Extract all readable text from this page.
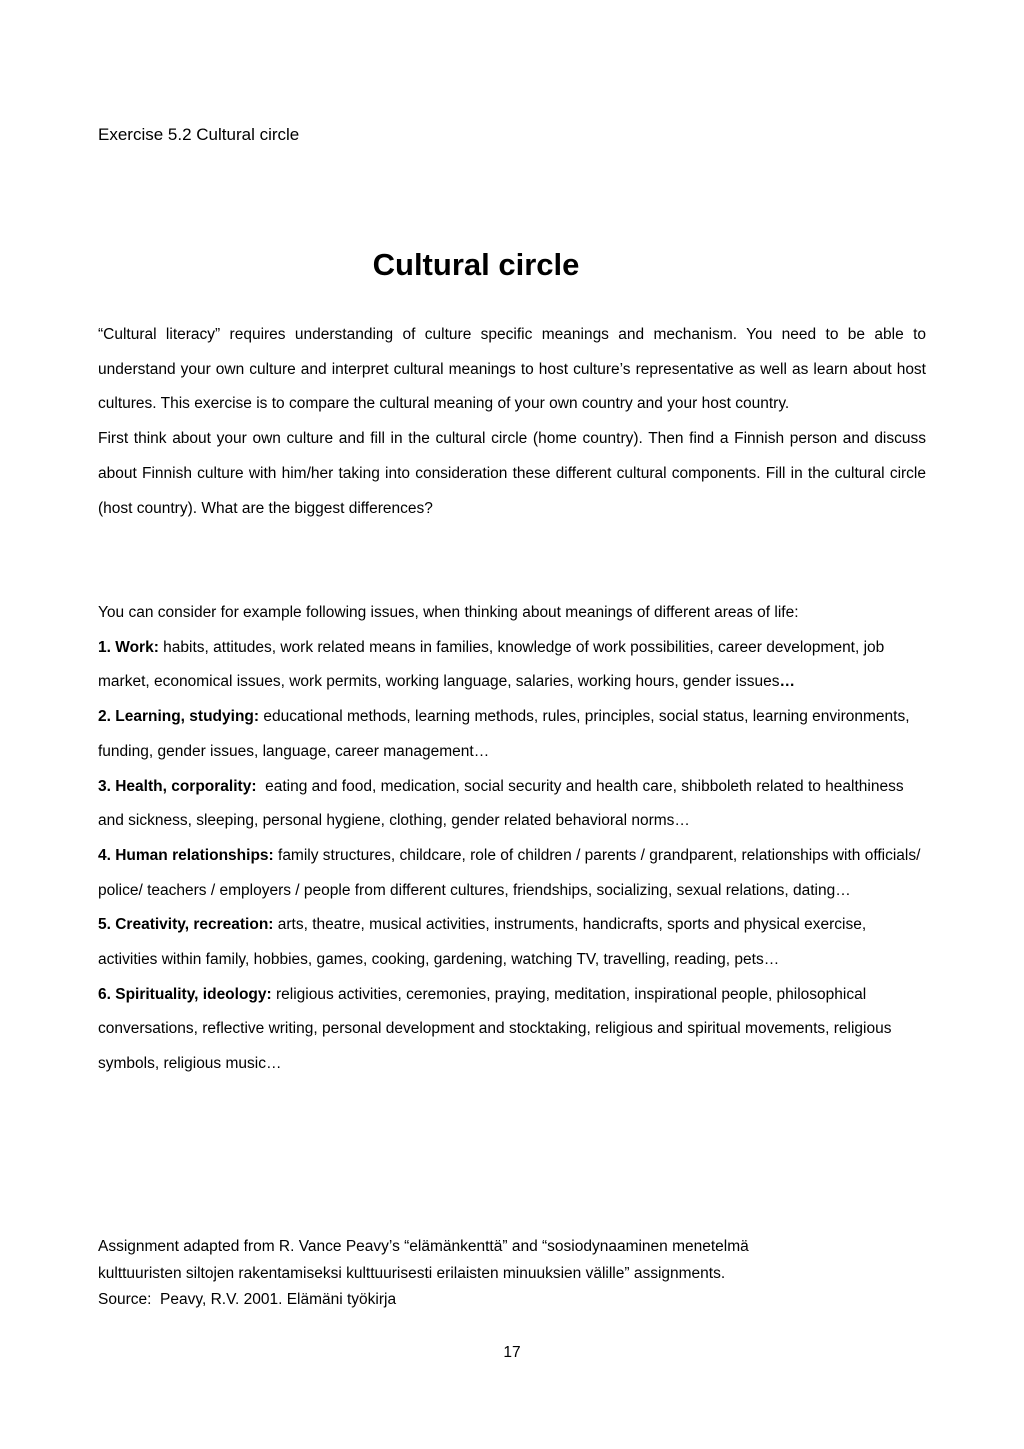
Exercise 5.2 Cultural circle
Cultural circle

“Cultural literacy” requires understanding of culture specific meanings and mechanism. You need to be able to understand your own culture and interpret cultural meanings to host culture’s representative as well as learn about host cultures. This exercise is to compare the cultural meaning of your own country and your host country.

First think about your own culture and fill in the cultural circle (home country). Then find a Finnish person and discuss about Finnish culture with him/her taking into consideration these different cultural components. Fill in the cultural circle (host country). What are the biggest differences?

You can consider for example following issues, when thinking about meanings of different areas of life:

1. Work: habits, attitudes, work related means in families, knowledge of work possibilities, career development, job market, economical issues, work permits, working language, salaries, working hours, gender issues…

2. Learning, studying: educational methods, learning methods, rules, principles, social status, learning environments, funding, gender issues, language, career management…

3. Health, corporality:  eating and food, medication, social security and health care, shibboleth related to healthiness and sickness, sleeping, personal hygiene, clothing, gender related behavioral norms…

4. Human relationships: family structures, childcare, role of children / parents / grandparent, relationships with officials/ police/ teachers / employers / people from different cultures, friendships, socializing, sexual relations, dating…

5. Creativity, recreation: arts, theatre, musical activities, instruments, handicrafts, sports and physical exercise, activities within family, hobbies, games, cooking, gardening, watching TV, travelling, reading, pets…

6. Spirituality, ideology: religious activities, ceremonies, praying, meditation, inspirational people, philosophical conversations, reflective writing, personal development and stocktaking, religious and spiritual movements, religious symbols, religious music…

Assignment adapted from R. Vance Peavy’s “elämänkenttä” and “sosiodynaaminen menetelmä

kulttuuristen siltojen rakentamiseksi kulttuurisesti erilaisten minuuksien välille” assignments.

Source:  Peavy, R.V. 2001. Elämäni työkirja

17
